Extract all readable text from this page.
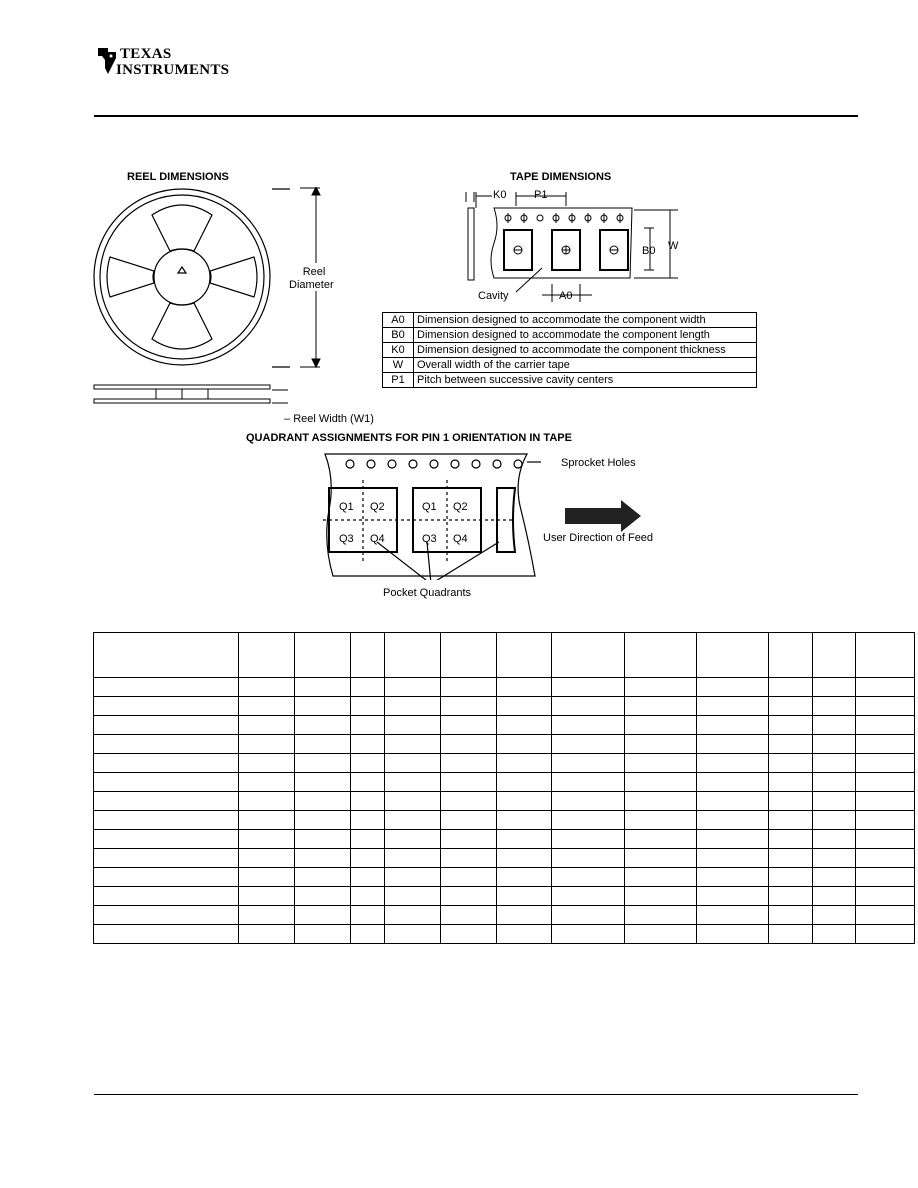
TEXAS
INSTRUMENTS
REEL DIMENSIONS
Reel
Diameter
– Reel Width (W1)
TAPE DIMENSIONS
K0	P1
B0 W
Cavity	A0
A0	Dimension designed to accommodate the component width
B0	Dimension designed to accommodate the component length
K0	Dimension designed to accommodate the component thickness
W	Overall width of the carrier tape
P1	Pitch between successive cavity centers
QUADRANT ASSIGNMENTS FOR PIN 1 ORIENTATION IN TAPE
Q1 Q2
Q3 Q4
Q1 Q2
Q3 Q4
Sprocket Holes
User Direction of Feed
Pocket Quadrants
